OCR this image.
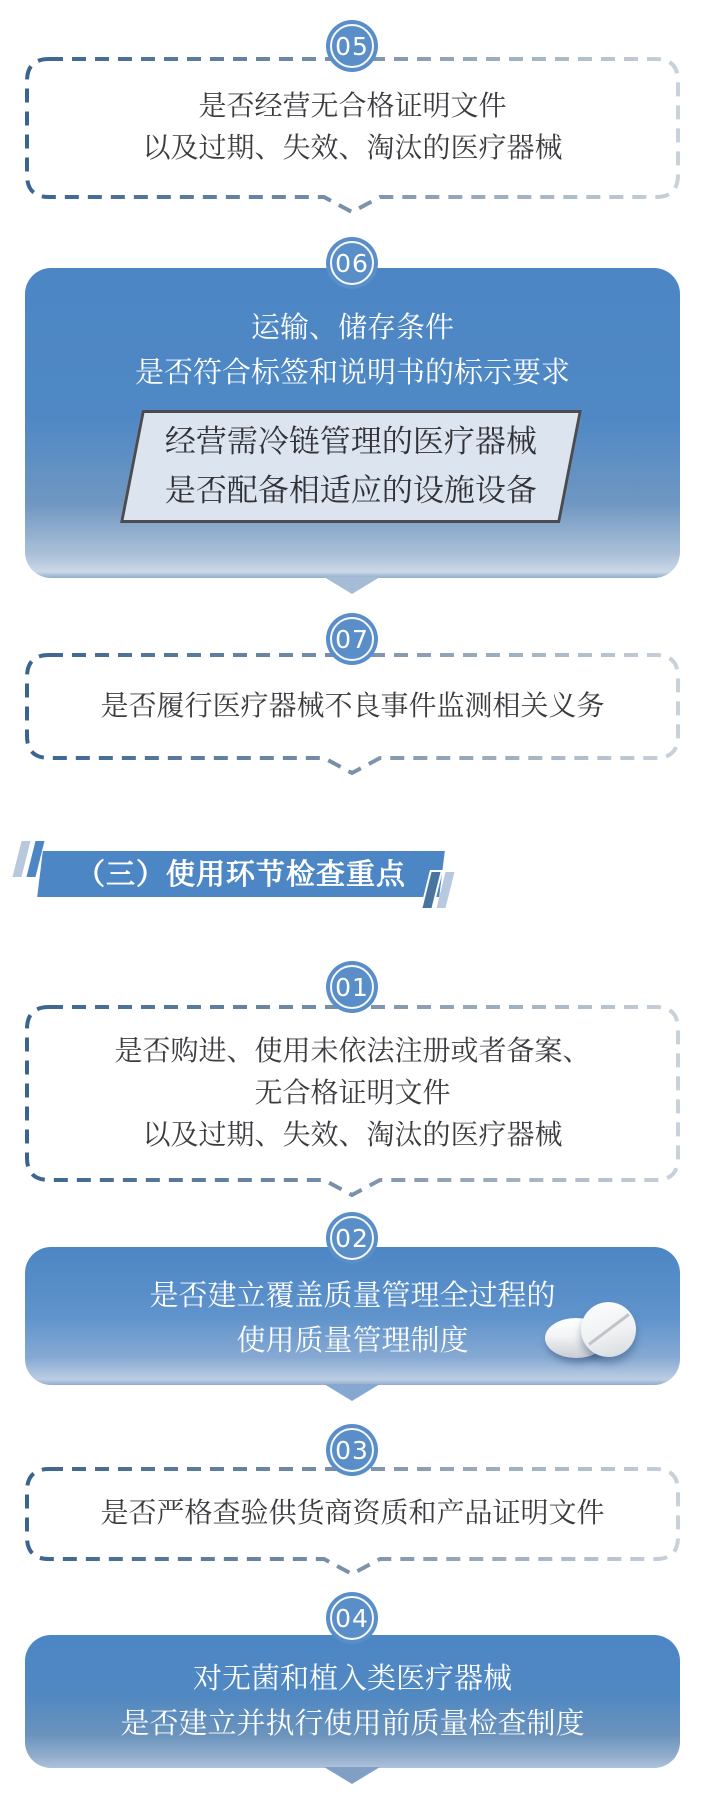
05
是否经营无合格证明文件
以及过期、失效、淘汰的医疗器械
06
运输、储存条件
是否符合标签和说明书的标示要求
经营需冷链管理的医疗器械
是否配备相适应的设施设备
07
是否履行医疗器械不良事件监测相关义务
（三）使用环节检查重点
01
是否购进、使用未依法注册或者备案、
无合格证明文件
以及过期、失效、淘汰的医疗器械
02
是否建立覆盖质量管理全过程的
使用质量管理制度
03
是否严格查验供货商资质和产品证明文件
04
对无菌和植入类医疗器械
是否建立并执行使用前质量检查制度
